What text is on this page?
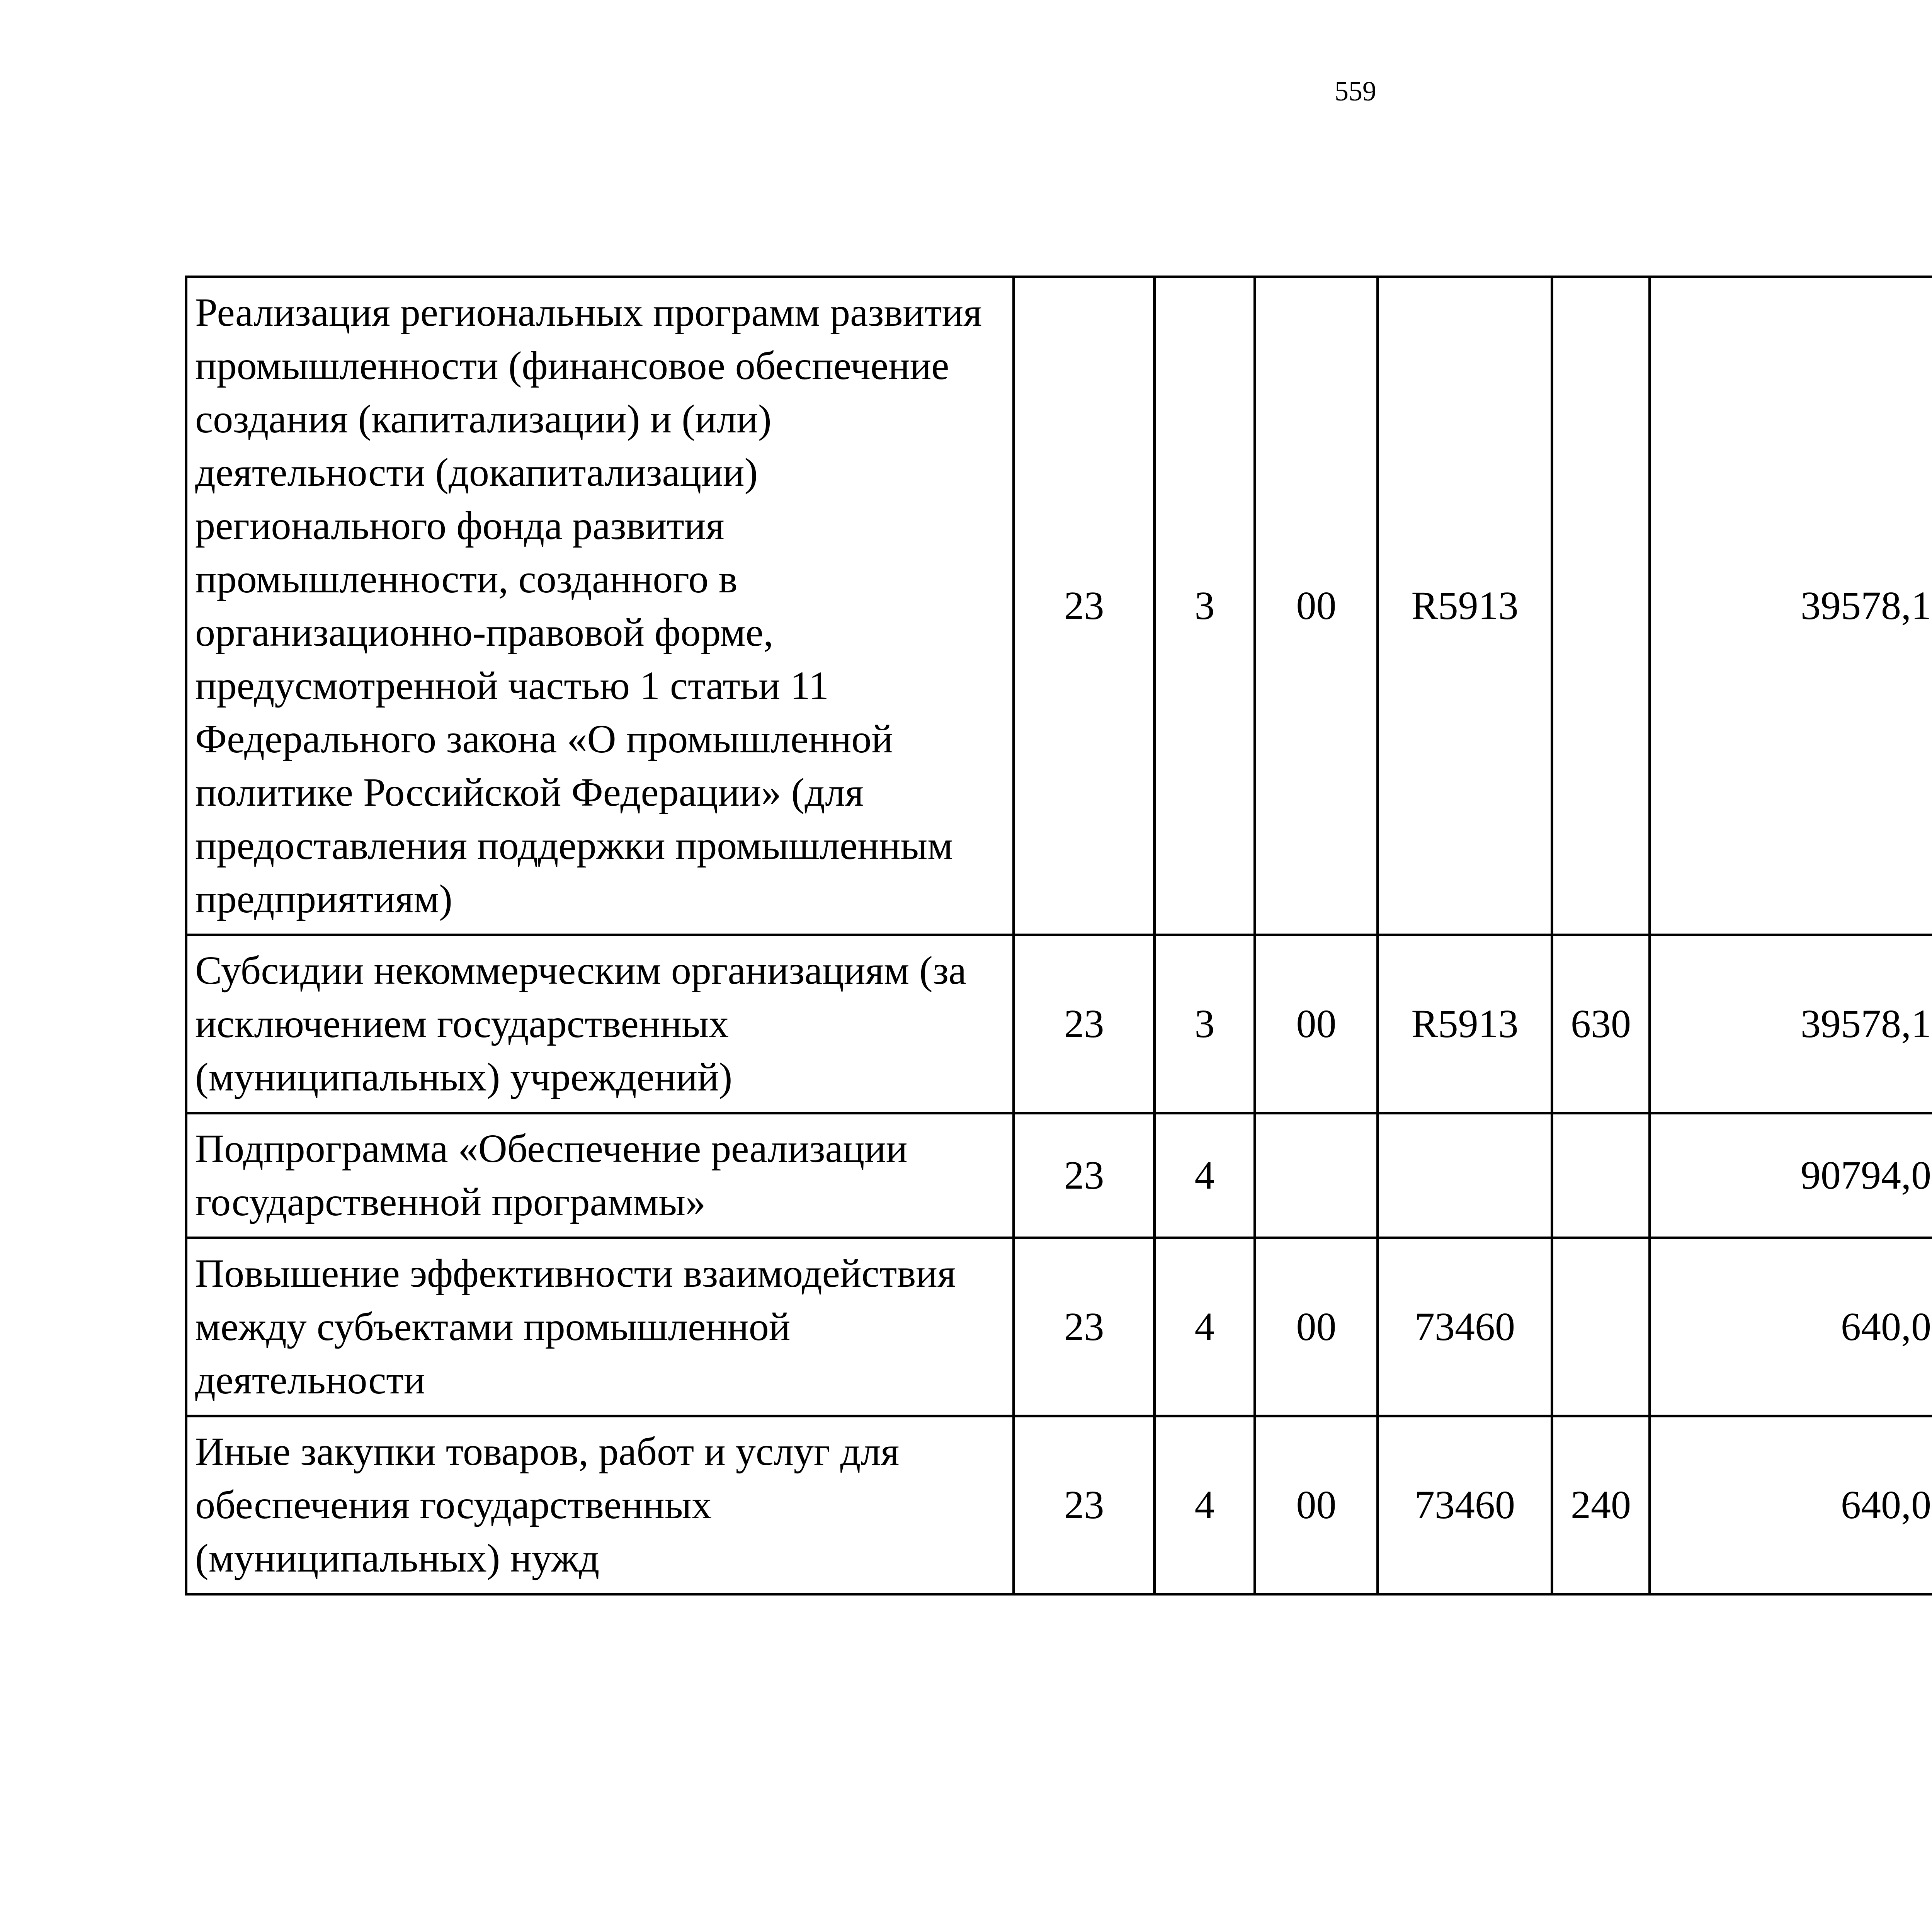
559
Реализация региональных программ развития промышленности (финансовое обеспечение создания (капитализации) и (или) деятельности (докапитализации) регионального фонда развития промышленности, созданного в организационно-правовой форме, предусмотренной частью 1 статьи 11 Федерального закона «О промышленной политике Российской Федерации» (для предоставления поддержки промышленным предприятиям)	23	3	00	R5913		39578,1		
Субсидии некоммерческим организациям (за исключением государственных (муниципальных) учреждений)	23	3	00	R5913	630	39578,1		
Подпрограмма «Обеспечение реализации государственной программы»	23	4				90794,0		
Повышение эффективности взаимодействия между субъектами промышленной деятельности	23	4	00	73460		640,0		
Иные закупки товаров, работ и услуг для обеспечения государственных (муниципальных) нужд	23	4	00	73460	240	640,0		
